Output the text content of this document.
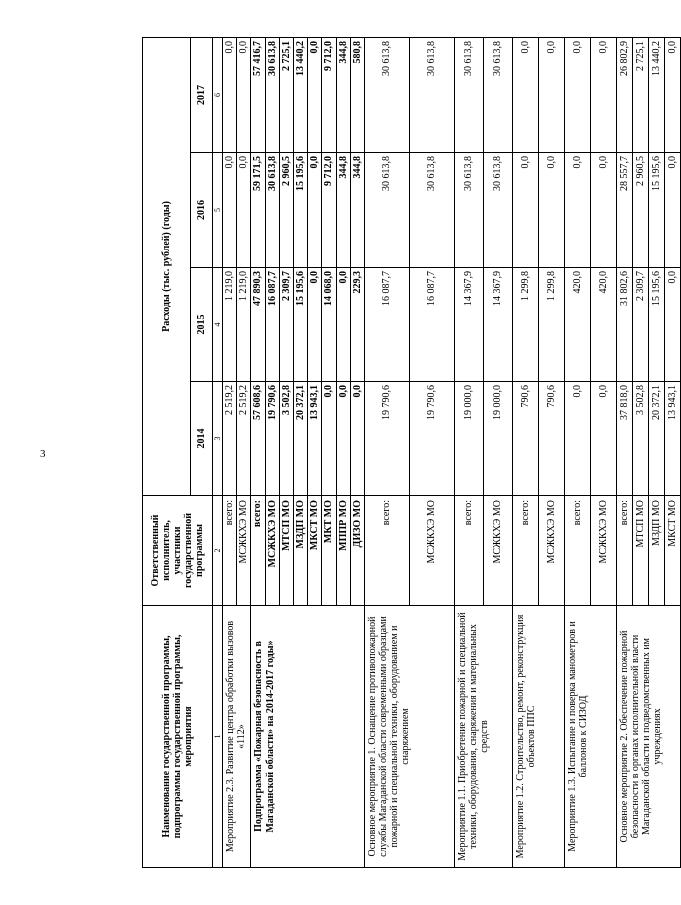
3
Наименование государственной программы, подпрограммы государственной программы, мероприятия	Ответственный исполнитель, участники государственной программы	Расходы (тыс. рублей) (годы)			
		2014	2015	2016	2017
1	2	3	4	5	6
Мероприятие 2.3. Развитие центра обработки вызовов «112»	всего:	2 519,2	1 219,0	0,0	0,0
	МСЖКХЭ МО	2 519,2	1 219,0	0,0	0,0
Подпрограмма «Пожарная безопасность в Магаданской области» на 2014-2017 годы»	всего:	57 608,6	47 890,3	59 171,5	57 416,7
	МСЖКХЭ МО	19 790,6	16 087,7	30 613,8	30 613,8
	МТСП МО	3 502,8	2 309,7	2 960,5	2 725,1
	МЗДП МО	20 372,1	15 195,6	15 195,6	13 440,2
	МКСТ МО	13 943,1	0,0	0,0	0,0
	МКТ МО	0,0	14 068,0	9 712,0	9 712,0
	МППР МО	0,0	0,0	344,8	344,8
	ДИЗО МО	0,0	229,3	344,8	580,8
Основное мероприятие 1. Оснащение противопожарной службы Магаданской области современными образцами пожарной и специальной техники, оборудованием и снаряжением	всего:	19 790,6	16 087,7	30 613,8	30 613,8
	МСЖКХЭ МО	19 790,6	16 087,7	30 613,8	30 613,8
Мероприятие 1.1. Приобретение пожарной и специальной техники, оборудования, снаряжения и материальных средств	всего:	19 000,0	14 367,9	30 613,8	30 613,8
	МСЖКХЭ МО	19 000,0	14 367,9	30 613,8	30 613,8
Мероприятие 1.2. Строительство, ремонт, реконструкция объектов ППС	всего:	790,6	1 299,8	0,0	0,0
	МСЖКХЭ МО	790,6	1 299,8	0,0	0,0
Мероприятие 1.3. Испытание и поверка манометров и баллонов к СИЗОД	всего:	0,0	420,0	0,0	0,0
	МСЖКХЭ МО	0,0	420,0	0,0	0,0
Основное мероприятие 2. Обеспечение пожарной безопасности в органах исполнительной власти Магаданской области и подведомственных им учреждениях	всего:	37 818,0	31 802,6	28 557,7	26 802,9
	МТСП МО	3 502,8	2 309,7	2 960,5	2 725,1
	МЗДП МО	20 372,1	15 195,6	15 195,6	13 440,2
	МКСТ МО	13 943,1	0,0	0,0	0,0
